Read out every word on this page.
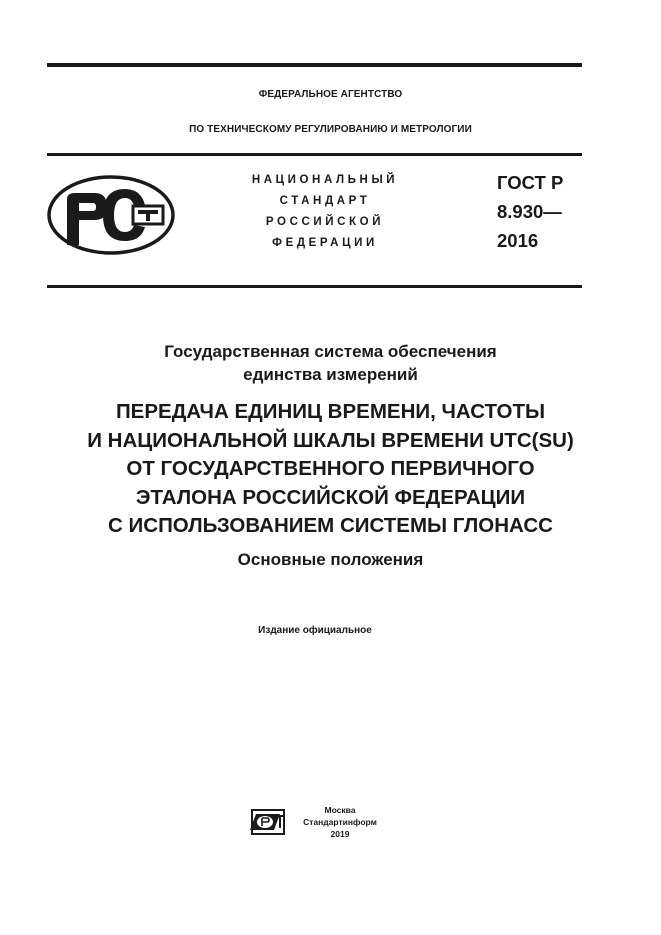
ФЕДЕРАЛЬНОЕ АГЕНТСТВО
ПО ТЕХНИЧЕСКОМУ РЕГУЛИРОВАНИЮ И МЕТРОЛОГИИ
НАЦИОНАЛЬНЫЙ
СТАНДАРТ
РОССИЙСКОЙ
ФЕДЕРАЦИИ
ГОСТ Р
8.930—
2016
Государственная система обеспечения
единства измерений
ПЕРЕДАЧА ЕДИНИЦ ВРЕМЕНИ, ЧАСТОТЫ
И НАЦИОНАЛЬНОЙ ШКАЛЫ ВРЕМЕНИ UTC(SU)
ОТ ГОСУДАРСТВЕННОГО ПЕРВИЧНОГО
ЭТАЛОНА РОССИЙСКОЙ ФЕДЕРАЦИИ
С ИСПОЛЬЗОВАНИЕМ СИСТЕМЫ ГЛОНАСС
Основные положения
Издание официальное
Москва
Стандартинформ
2019
